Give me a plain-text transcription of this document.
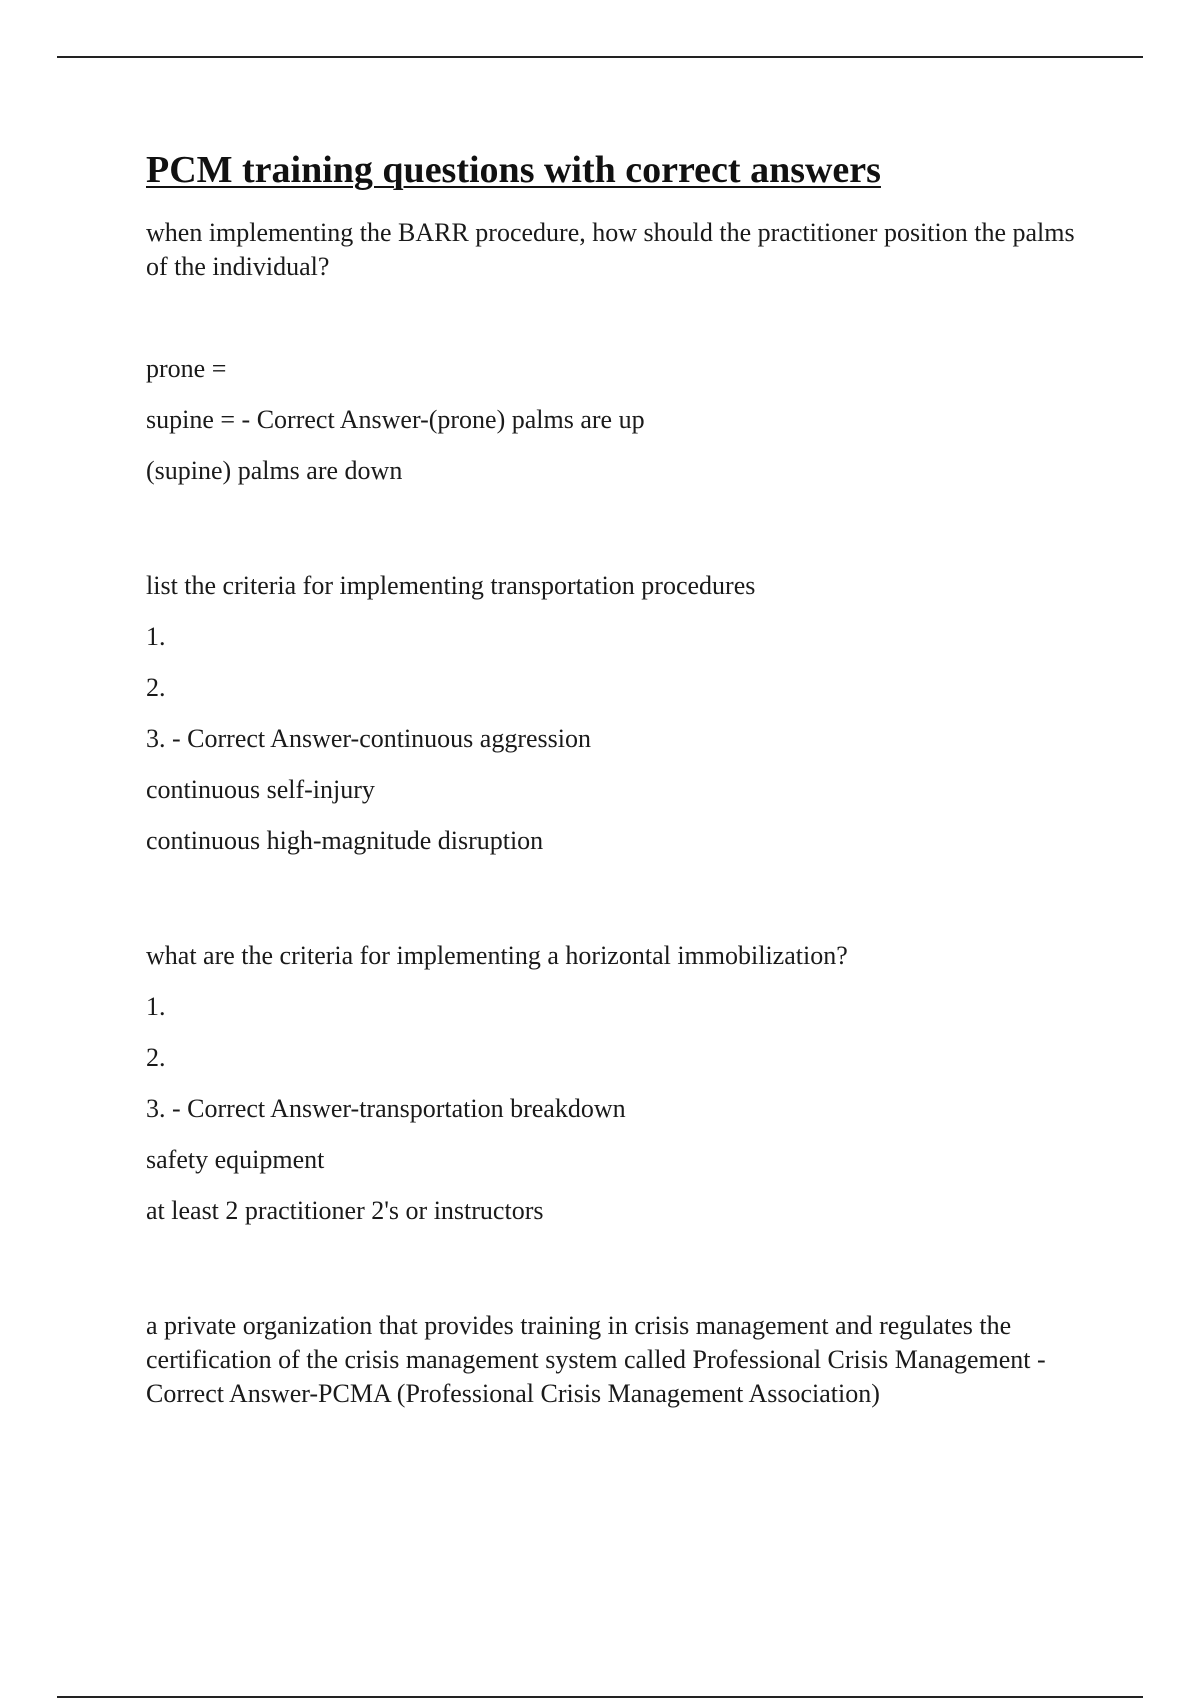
PCM training questions with correct answers

when implementing the BARR procedure, how should the practitioner position the palms of the individual?

prone =
supine = - Correct Answer-(prone) palms are up
(supine) palms are down
list the criteria for implementing transportation procedures
1.
2.
3. - Correct Answer-continuous aggression
continuous self-injury
continuous high-magnitude disruption
what are the criteria for implementing a horizontal immobilization?
1.
2.
3. - Correct Answer-transportation breakdown
safety equipment
at least 2 practitioner 2's or instructors

a private organization that provides training in crisis management and regulates the certification of the crisis management system called Professional Crisis Management - Correct Answer-PCMA (Professional Crisis Management Association)
